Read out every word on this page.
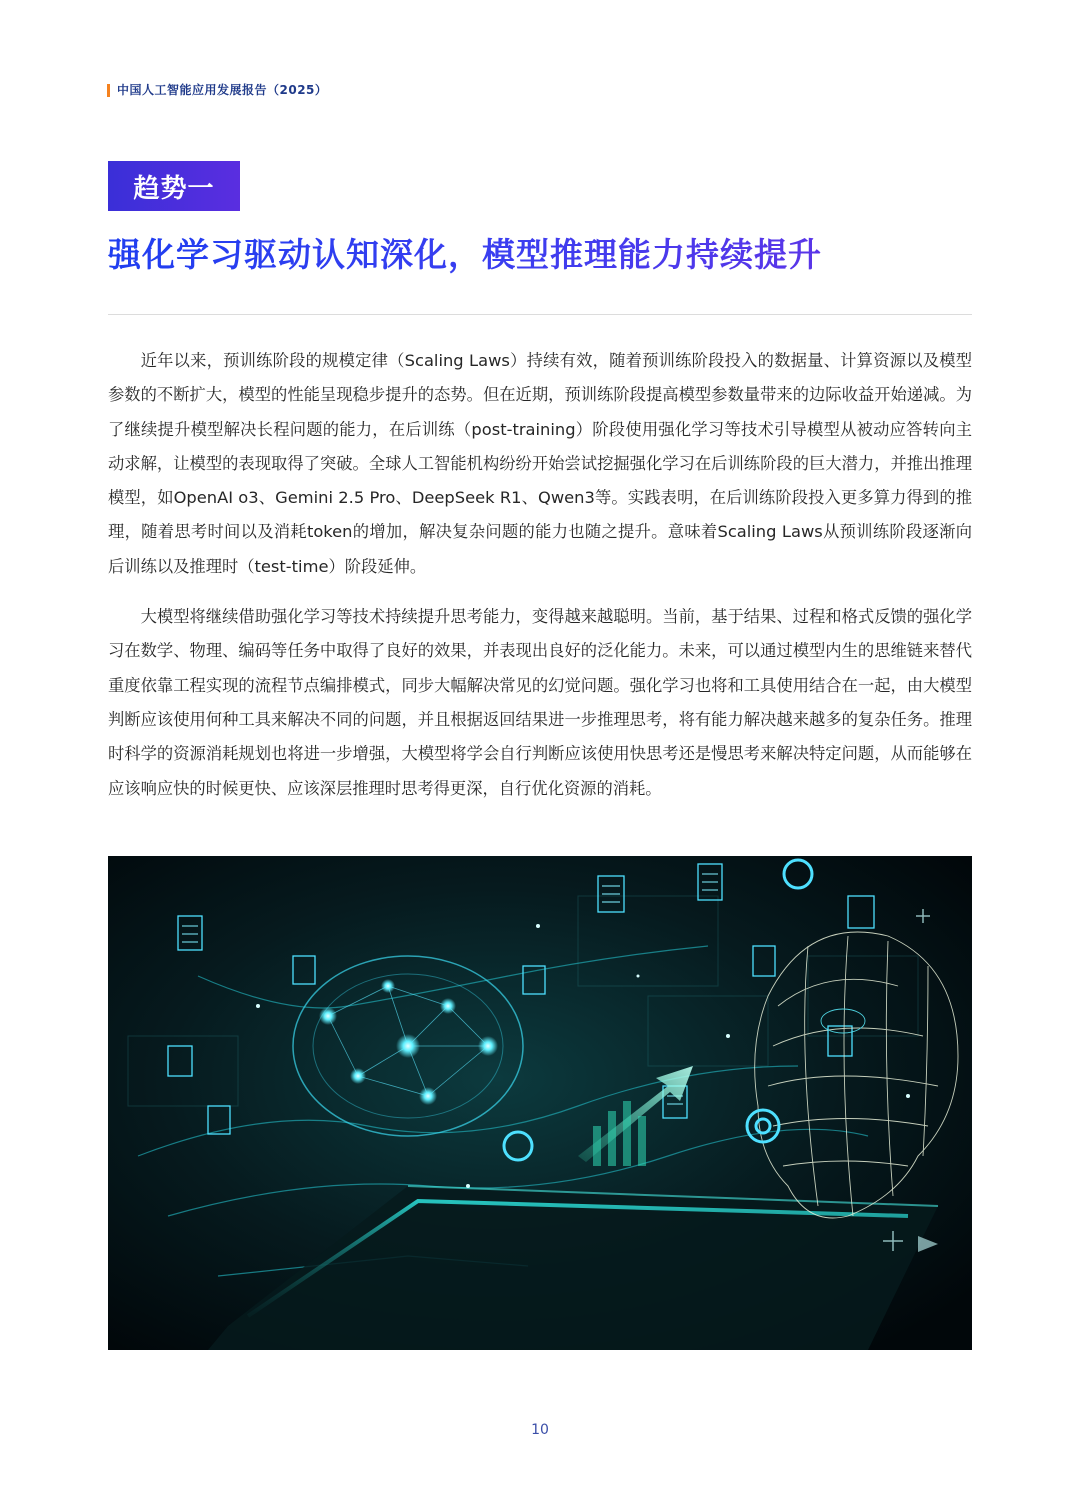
中国人工智能应用发展报告（2025）
趋势一
强化学习驱动认知深化，模型推理能力持续提升

近年以来，预训练阶段的规模定律（Scaling Laws）持续有效，随着预训练阶段投入的数据量、计算资源以及模型参数的不断扩大，模型的性能呈现稳步提升的态势。但在近期，预训练阶段提高模型参数量带来的边际收益开始递减。为了继续提升模型解决长程问题的能力，在后训练（post-training）阶段使用强化学习等技术引导模型从被动应答转向主动求解，让模型的表现取得了突破。全球人工智能机构纷纷开始尝试挖掘强化学习在后训练阶段的巨大潜力，并推出推理模型，如OpenAI o3、Gemini 2.5 Pro、DeepSeek R1、Qwen3等。实践表明，在后训练阶段投入更多算力得到的推理，随着思考时间以及消耗token的增加，解决复杂问题的能力也随之提升。意味着Scaling Laws从预训练阶段逐渐向后训练以及推理时（test-time）阶段延伸。

大模型将继续借助强化学习等技术持续提升思考能力，变得越来越聪明。当前，基于结果、过程和格式反馈的强化学习在数学、物理、编码等任务中取得了良好的效果，并表现出良好的泛化能力。未来，可以通过模型内生的思维链来替代重度依靠工程实现的流程节点编排模式，同步大幅解决常见的幻觉问题。强化学习也将和工具使用结合在一起，由大模型判断应该使用何种工具来解决不同的问题，并且根据返回结果进一步推理思考，将有能力解决越来越多的复杂任务。推理时科学的资源消耗规划也将进一步增强，大模型将学会自行判断应该使用快思考还是慢思考来解决特定问题，从而能够在应该响应快的时候更快、应该深层推理时思考得更深，自行优化资源的消耗。

10
